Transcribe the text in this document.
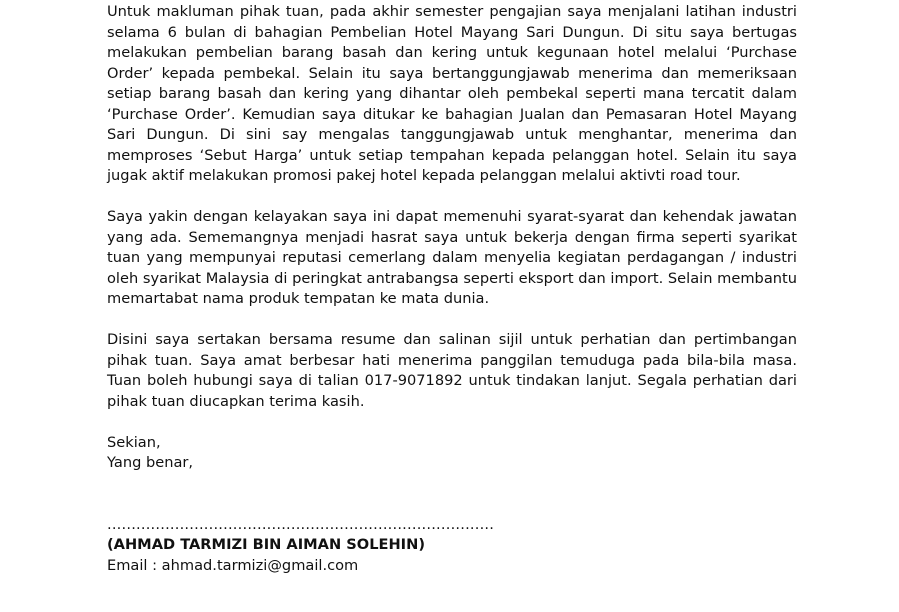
Untuk makluman pihak tuan, pada akhir semester pengajian saya menjalani latihan industri selama 6 bulan di bahagian Pembelian Hotel Mayang Sari Dungun. Di situ saya bertugas melakukan pembelian barang basah dan kering untuk kegunaan hotel melalui ‘Purchase Order’ kepada pembekal. Selain itu saya bertanggungjawab menerima dan memeriksaan setiap barang basah dan kering yang dihantar oleh pembekal seperti mana tercatit dalam ‘Purchase Order’. Kemudian saya ditukar ke bahagian Jualan dan Pemasaran Hotel Mayang Sari Dungun. Di sini say mengalas tanggungjawab untuk menghantar, menerima dan memproses ‘Sebut Harga’ untuk setiap tempahan kepada pelanggan hotel. Selain itu saya jugak aktif melakukan promosi pakej hotel kepada pelanggan melalui aktivti road tour.

Saya yakin dengan kelayakan saya ini dapat memenuhi syarat-syarat dan kehendak jawatan yang ada. Sememangnya menjadi hasrat saya untuk bekerja dengan firma seperti syarikat tuan yang mempunyai reputasi cemerlang dalam menyelia kegiatan perdagangan / industri oleh syarikat Malaysia di peringkat antrabangsa seperti eksport dan import. Selain membantu memartabat nama produk tempatan ke mata dunia.

Disini saya sertakan bersama resume dan salinan sijil untuk perhatian dan pertimbangan pihak tuan. Saya amat berbesar hati menerima panggilan temuduga pada bila-bila masa. Tuan boleh hubungi saya di talian 017-9071892 untuk tindakan lanjut. Segala perhatian dari pihak tuan diucapkan terima kasih.

Sekian,
Yang benar,
................................................................................
(AHMAD TARMIZI BIN AIMAN SOLEHIN)
Email : ahmad.tarmizi@gmail.com
